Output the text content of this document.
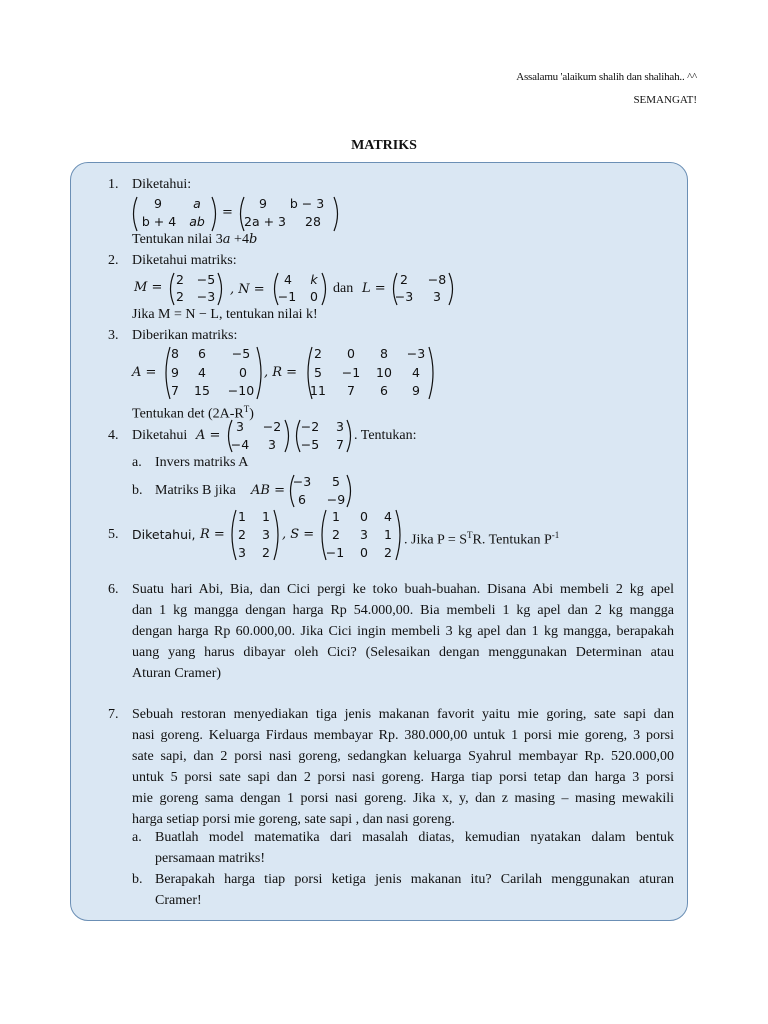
Assalamu 'alaikum shalih dan shalihah.. ^^
SEMANGAT!
MATRIKS
1. Diketahui:
9	a
b + 4	ab
=
9	b − 3
2a + 3	28
Tentukan nilai 3a +4b
2. Diketahui matriks:
M =
2	−5
2	−3 , N =
4	k
−1	0
dan L =
2	−8
−3	3
Jika M = N − L, tentukan nilai k!
3. Diberikan matriks:
A =
8	6	−5
9	4	0
7	15	−10
, R =
2	0	8	−3
5	−1	10	4
11	7	6	9
Tentukan $\det (2A-R^T)$
4. Diketahui A =
3	−2
−4	3
−2	3
−5	7
. Tentukan:
a. Invers matriks A
b. Matriks B jika AB =
−3	5
6	−9
5. Diketahui, R =
1	1
2	3
3	2
, S =
1	0	4
2	3	1
−1	0	2
. Jika $P = S^TR$. Tentukan $P^{-1}$
6. Suatu hari Abi, Bia, dan Cici pergi ke toko buah-buahan. Disana Abi membeli 2 kg apel
dan 1 kg mangga dengan harga Rp 54.000,00. Bia membeli 1 kg apel dan 2 kg mangga
dengan harga Rp 60.000,00. Jika Cici ingin membeli 3 kg apel dan 1 kg mangga, berapakah
uang yang harus dibayar oleh Cici? (Selesaikan dengan menggunakan Determinan atau
Aturan Cramer)
7. Sebuah restoran menyediakan tiga jenis makanan favorit yaitu mie goring, sate sapi dan
nasi goreng. Keluarga Firdaus membayar Rp. 380.000,00 untuk 1 porsi mie goreng, 3 porsi
sate sapi, dan 2 porsi nasi goreng, sedangkan keluarga Syahrul membayar Rp. 520.000,00
untuk 5 porsi sate sapi dan 2 porsi nasi goreng. Harga tiap porsi tetap dan harga 3 porsi
mie goreng sama dengan 1 porsi nasi goreng. Jika x, y, dan z masing – masing mewakili
harga setiap porsi mie goreng, sate sapi , dan nasi goreng.
a. Buatlah model matematika dari masalah diatas, kemudian nyatakan dalam bentuk
persamaan matriks!
b. Berapakah harga tiap porsi ketiga jenis makanan itu? Carilah menggunakan aturan
Cramer!
